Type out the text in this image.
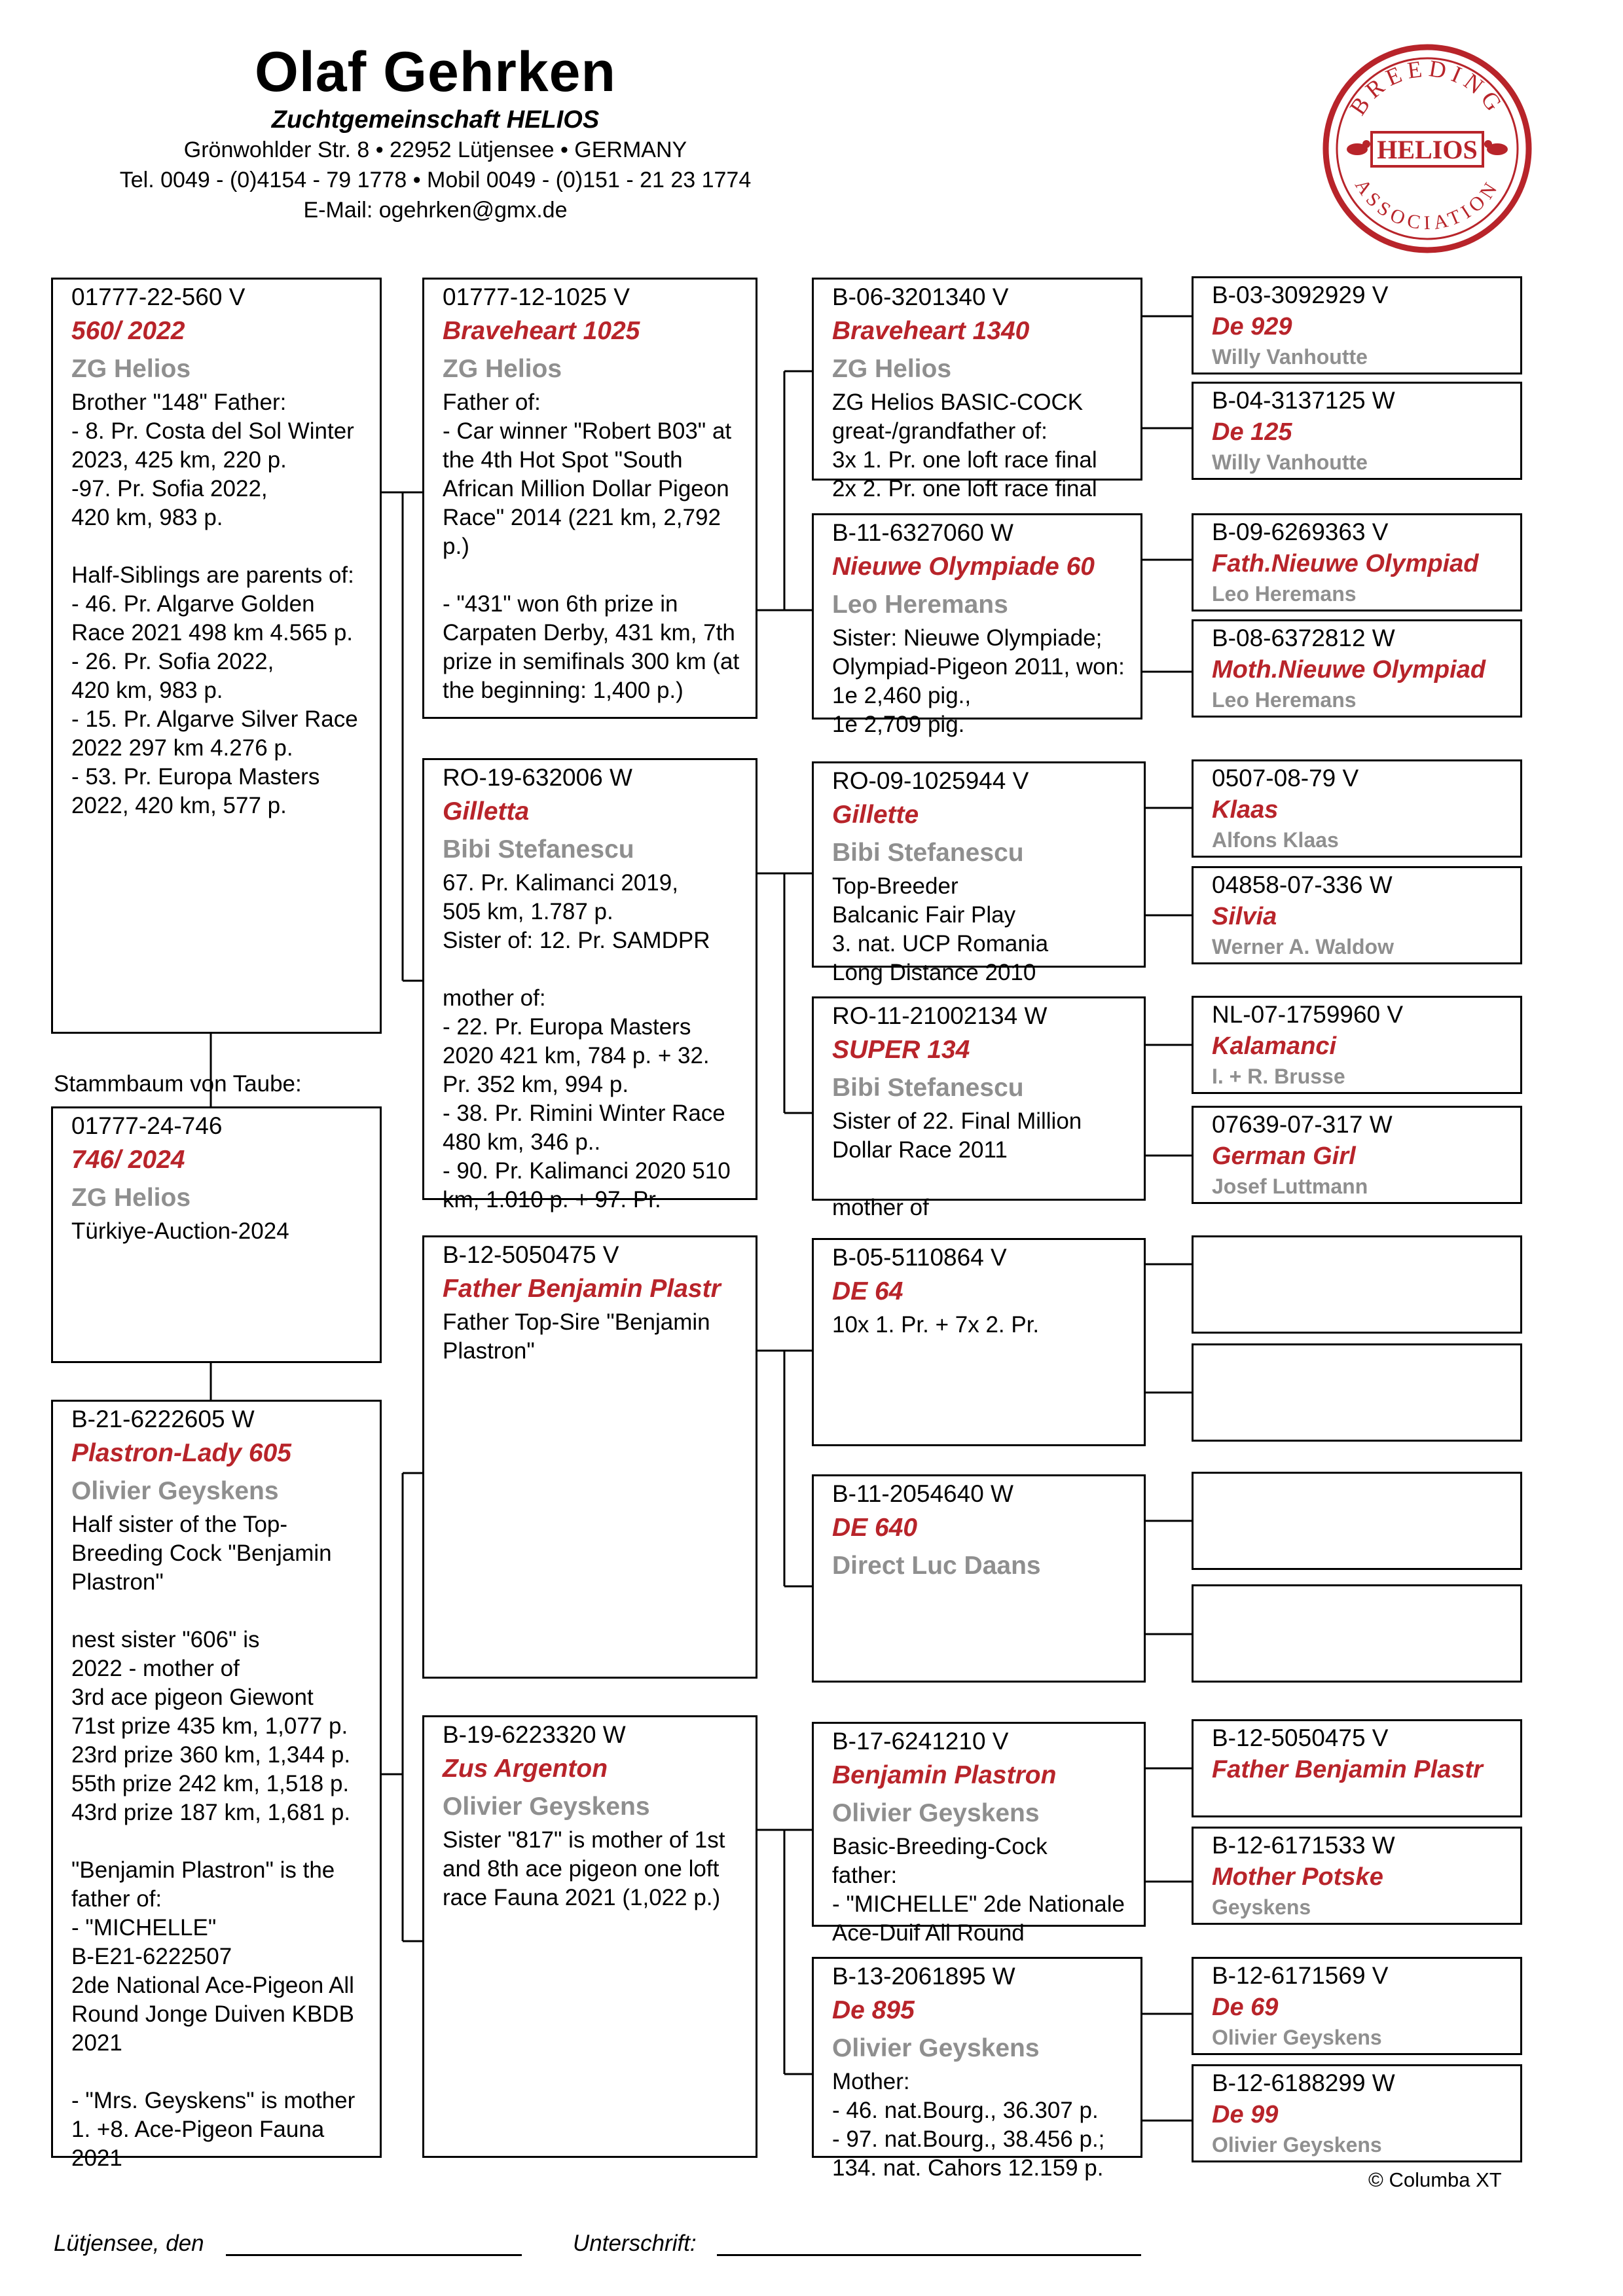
Olaf Gehrken
Zuchtgemeinschaft HELIOS
Grönwohlder Str. 8 • 22952 Lütjensee • GERMANY
Tel. 0049 - (0)4154 - 79 1778 • Mobil 0049 - (0)151 - 21 23 1774
E-Mail: ogehrken@gmx.de
BREEDING
ASSOCIATION
HELIOS
01777-22-560 V
560/ 2022
ZG Helios
Brother "148" Father:
- 8. Pr. Costa del Sol Winter 2023, 425 km, 220 p.
-97. Pr. Sofia 2022,
420 km, 983 p.

Half-Siblings are parents of:
- 46. Pr. Algarve Golden Race 2021 498 km 4.565 p.
- 26. Pr. Sofia 2022,
420 km, 983 p.
- 15. Pr. Algarve Silver Race 2022 297 km 4.276 p.
- 53. Pr. Europa Masters 2022, 420 km, 577 p.
Stammbaum von Taube:
01777-24-746
746/ 2024
ZG Helios
Türkiye-Auction-2024
B-21-6222605 W
Plastron-Lady 605
Olivier Geyskens
Half sister of the Top-Breeding Cock "Benjamin Plastron"

nest sister "606" is
2022 - mother of
3rd ace pigeon Giewont
71st prize 435 km, 1,077 p.
23rd prize 360 km, 1,344 p.
55th prize 242 km, 1,518 p.
43rd prize 187 km, 1,681 p.

"Benjamin Plastron" is the father of:
- "MICHELLE"
B-E21-6222507
2de National Ace-Pigeon All Round Jonge Duiven KBDB 2021

- "Mrs. Geyskens" is mother 1. +8. Ace-Pigeon Fauna 2021
01777-12-1025 V
Braveheart 1025
ZG Helios
Father of:
- Car winner "Robert B03" at the 4th Hot Spot "South African Million Dollar Pigeon Race" 2014 (221 km, 2,792 p.)

- "431" won 6th prize in Carpaten Derby, 431 km, 7th prize in semifinals 300 km (at the beginning: 1,400 p.)
RO-19-632006 W
Gilletta
Bibi Stefanescu
67. Pr. Kalimanci 2019,
505 km, 1.787 p.
Sister of: 12. Pr. SAMDPR

mother of:
- 22. Pr. Europa Masters 2020 421 km, 784 p. + 32. Pr. 352 km, 994 p.
- 38. Pr. Rimini Winter Race 480 km, 346 p..
- 90. Pr. Kalimanci 2020 510 km, 1.010 p. + 97. Pr.
B-12-5050475 V
Father Benjamin Plastr
Father Top-Sire "Benjamin Plastron"
B-19-6223320 W
Zus Argenton
Olivier Geyskens
Sister "817" is mother of 1st and 8th ace pigeon one loft race Fauna 2021 (1,022 p.)
B-06-3201340 V
Braveheart 1340
ZG Helios
ZG Helios BASIC-COCK great-/grandfather of:
3x 1. Pr. one loft race final
2x 2. Pr. one loft race final
B-11-6327060 W
Nieuwe Olympiade 60
Leo Heremans
Sister: Nieuwe Olympiade; Olympiad-Pigeon 2011, won: 1e 2,460 pig.,
1e 2,709 pig.
RO-09-1025944 V
Gillette
Bibi Stefanescu
Top-Breeder
Balcanic Fair Play
3. nat. UCP Romania
Long Distance 2010
RO-11-21002134 W
SUPER 134
Bibi Stefanescu
Sister of 22. Final Million Dollar Race 2011

mother of
B-05-5110864 V
DE 64
10x 1. Pr. + 7x 2. Pr.
B-11-2054640 W
DE 640
Direct Luc Daans
B-17-6241210 V
Benjamin Plastron
Olivier Geyskens
Basic-Breeding-Cock
father:
- "MICHELLE" 2de Nationale Ace-Duif All Round
B-13-2061895 W
De 895
Olivier Geyskens
Mother:
- 46. nat.Bourg., 36.307 p.
- 97. nat.Bourg., 38.456 p.;
134. nat. Cahors 12.159 p.
B-03-3092929 V
De 929
Willy Vanhoutte
B-04-3137125 W
De 125
Willy Vanhoutte
B-09-6269363 V
Fath.Nieuwe Olympiad
Leo Heremans
B-08-6372812 W
Moth.Nieuwe Olympiad
Leo Heremans
0507-08-79 V
Klaas
Alfons Klaas
04858-07-336 W
Silvia
Werner A. Waldow
NL-07-1759960 V
Kalamanci
I. + R. Brusse
07639-07-317 W
German Girl
Josef Luttmann
B-12-5050475 V
Father Benjamin Plastr
B-12-6171533 W
Mother Potske
Geyskens
B-12-6171569 V
De 69
Olivier Geyskens
B-12-6188299 W
De 99
Olivier Geyskens
© Columba XT
Lütjensee, den	Unterschrift:
